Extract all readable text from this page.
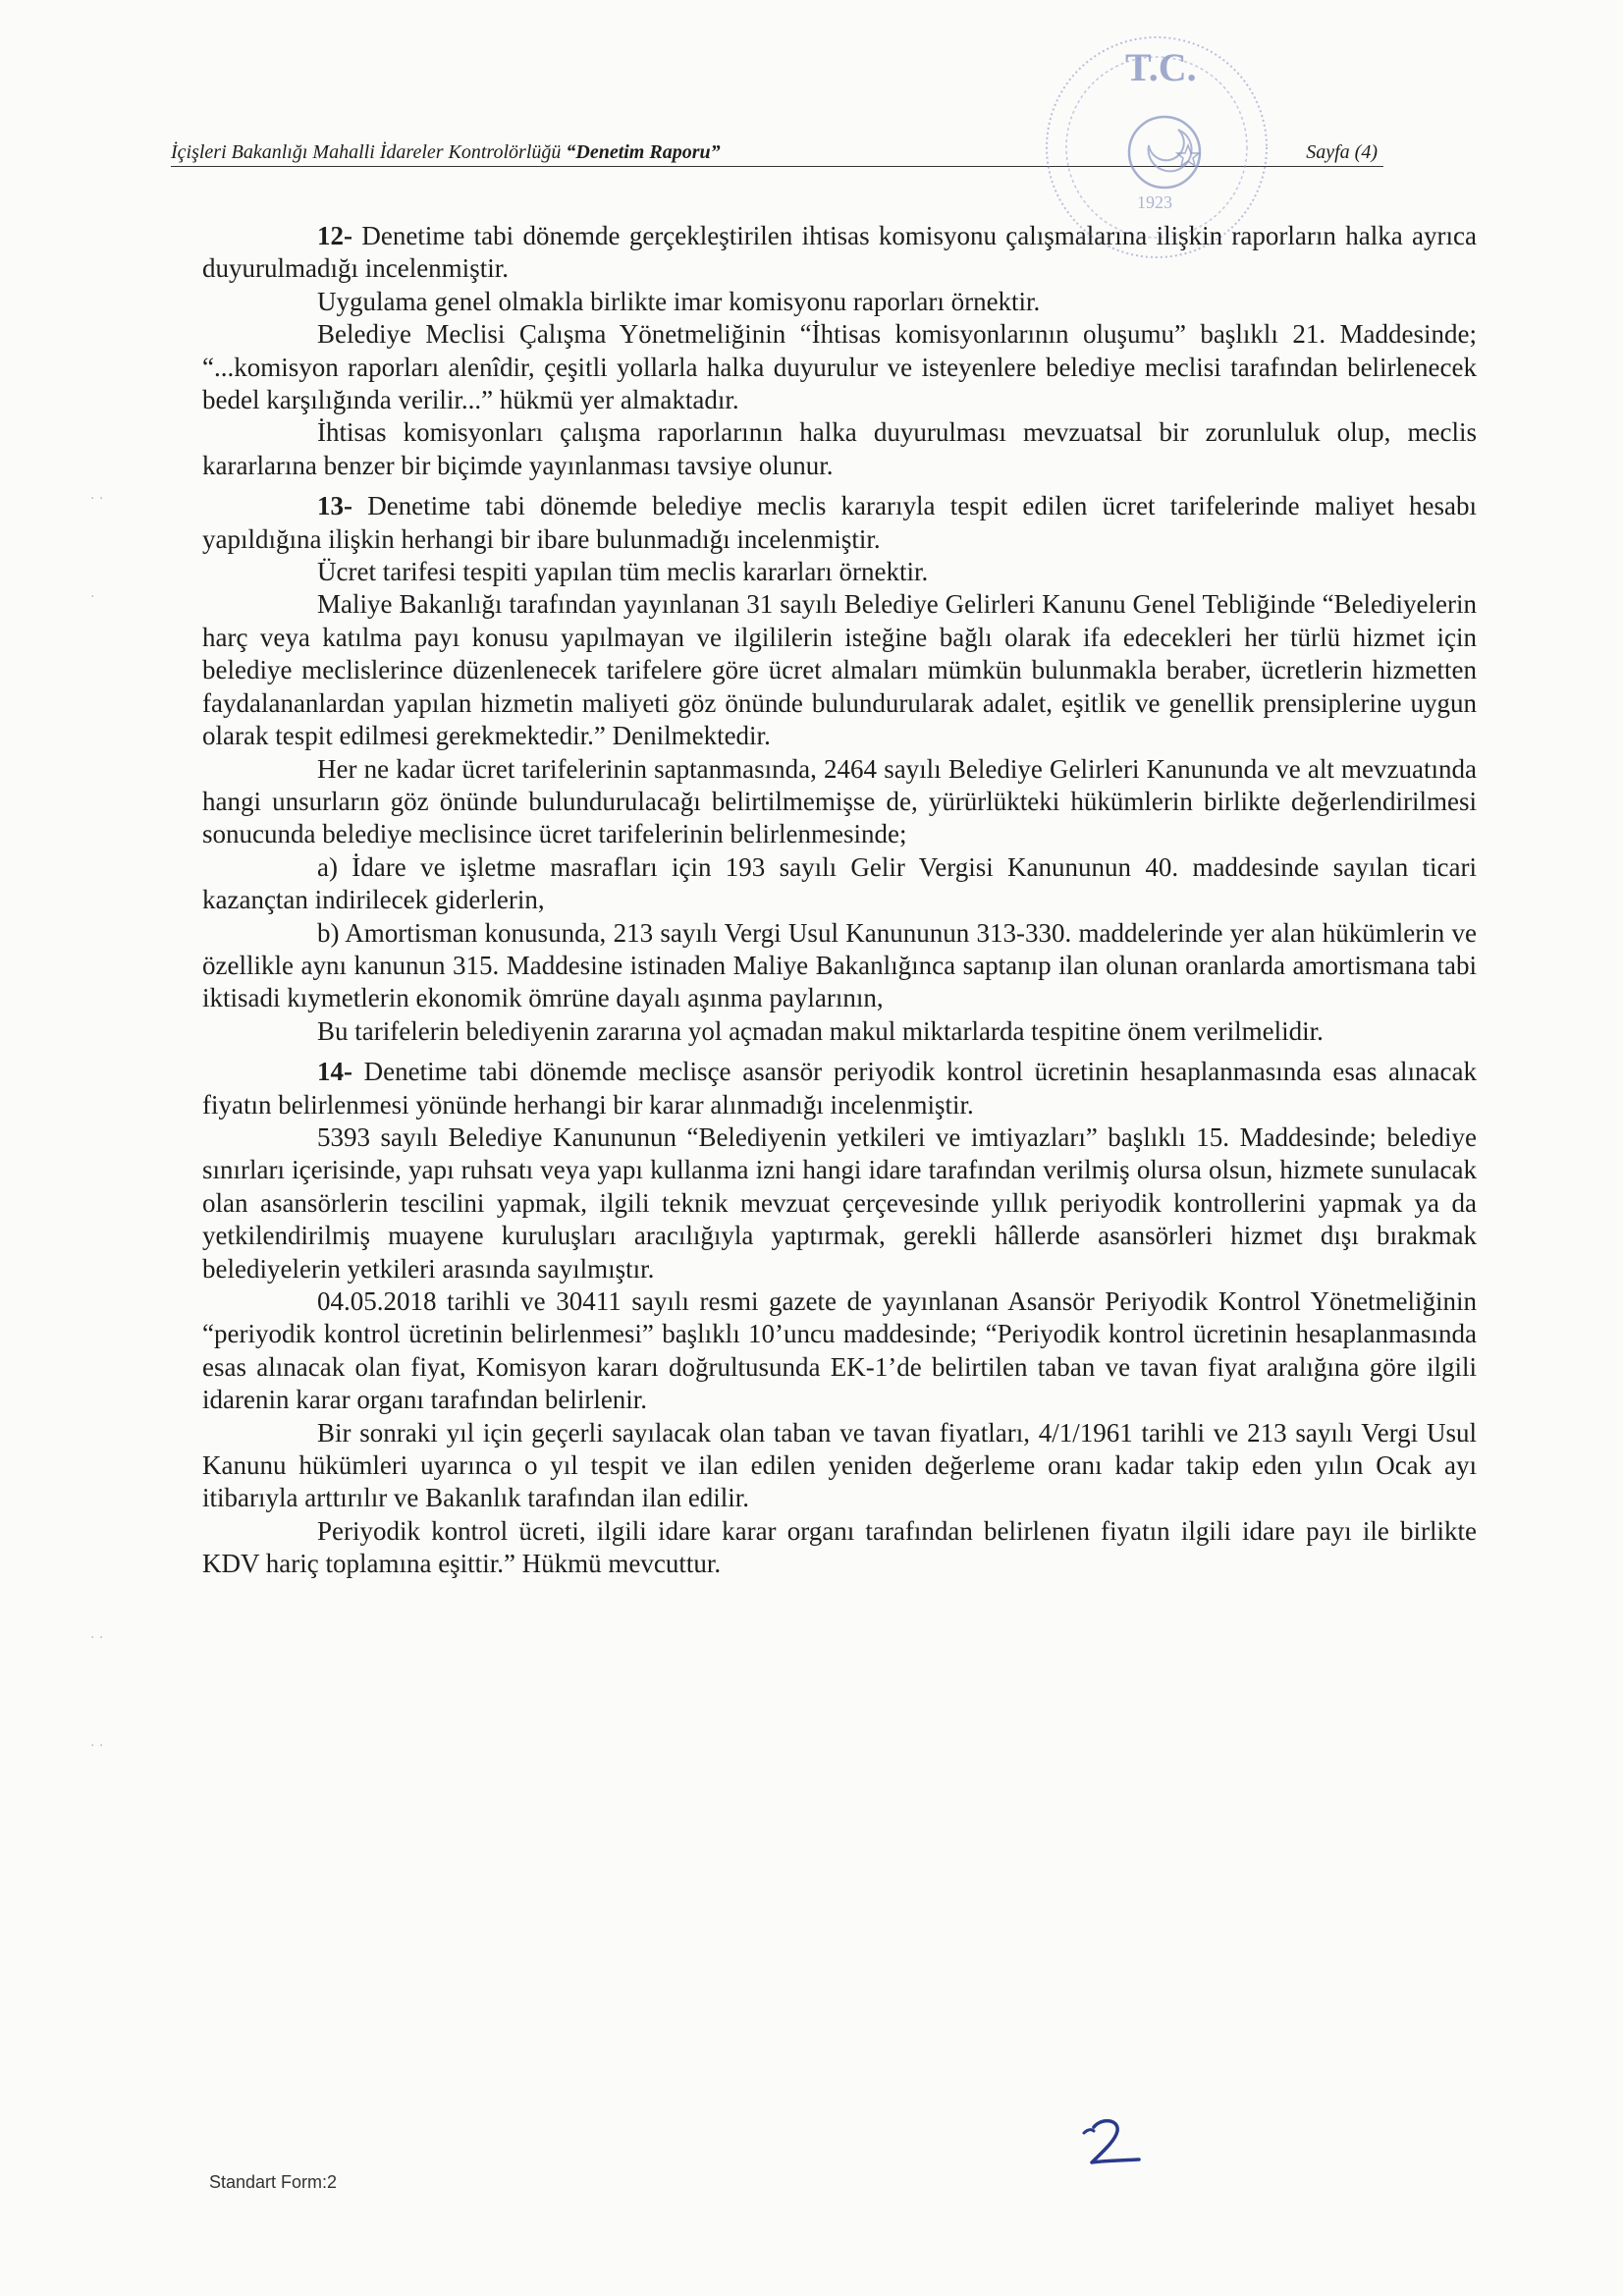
İçişleri Bakanlığı Mahalli İdareler Kontrolörlüğü “Denetim Raporu”	Sayfa (4)
T.C.
1923

12- Denetime tabi dönemde gerçekleştirilen ihtisas komisyonu çalışmalarına ilişkin raporların halka ayrıca duyurulmadığı incelenmiştir.

Uygulama genel olmakla birlikte imar komisyonu raporları örnektir.

Belediye Meclisi Çalışma Yönetmeliğinin “İhtisas komisyonlarının oluşumu” başlıklı 21. Maddesinde; “...komisyon raporları alenîdir, çeşitli yollarla halka duyurulur ve isteyenlere belediye meclisi tarafından belirlenecek bedel karşılığında verilir...” hükmü yer almaktadır.

İhtisas komisyonları çalışma raporlarının halka duyurulması mevzuatsal bir zorunluluk olup, meclis kararlarına benzer bir biçimde yayınlanması tavsiye olunur.

13- Denetime tabi dönemde belediye meclis kararıyla tespit edilen ücret tarifelerinde maliyet hesabı yapıldığına ilişkin herhangi bir ibare bulunmadığı incelenmiştir.

Ücret tarifesi tespiti yapılan tüm meclis kararları örnektir.

Maliye Bakanlığı tarafından yayınlanan 31 sayılı Belediye Gelirleri Kanunu Genel Tebliğinde “Belediyelerin harç veya katılma payı konusu yapılmayan ve ilgililerin isteğine bağlı olarak ifa edecekleri her türlü hizmet için belediye meclislerince düzenlenecek tarifelere göre ücret almaları mümkün bulunmakla beraber, ücretlerin hizmetten faydalananlardan yapılan hizmetin maliyeti göz önünde bulundurularak adalet, eşitlik ve genellik prensiplerine uygun olarak tespit edilmesi gerekmektedir.” Denilmektedir.

Her ne kadar ücret tarifelerinin saptanmasında, 2464 sayılı Belediye Gelirleri Kanununda ve alt mevzuatında hangi unsurların göz önünde bulundurulacağı belirtilmemişse de, yürürlükteki hükümlerin birlikte değerlendirilmesi sonucunda belediye meclisince ücret tarifelerinin belirlenmesinde;

a) İdare ve işletme masrafları için 193 sayılı Gelir Vergisi Kanununun 40. maddesinde sayılan ticari kazançtan indirilecek giderlerin,

b) Amortisman konusunda, 213 sayılı Vergi Usul Kanununun 313-330. maddelerinde yer alan hükümlerin ve özellikle aynı kanunun 315. Maddesine istinaden Maliye Bakanlığınca saptanıp ilan olunan oranlarda amortismana tabi iktisadi kıymetlerin ekonomik ömrüne dayalı aşınma paylarının,

Bu tarifelerin belediyenin zararına yol açmadan makul miktarlarda tespitine önem verilmelidir.

14- Denetime tabi dönemde meclisçe asansör periyodik kontrol ücretinin hesaplanmasında esas alınacak fiyatın belirlenmesi yönünde herhangi bir karar alınmadığı incelenmiştir.

5393 sayılı Belediye Kanununun “Belediyenin yetkileri ve imtiyazları” başlıklı 15. Maddesinde; belediye sınırları içerisinde, yapı ruhsatı veya yapı kullanma izni hangi idare tarafından verilmiş olursa olsun, hizmete sunulacak olan asansörlerin tescilini yapmak, ilgili teknik mevzuat çerçevesinde yıllık periyodik kontrollerini yapmak ya da yetkilendirilmiş muayene kuruluşları aracılığıyla yaptırmak, gerekli hâllerde asansörleri hizmet dışı bırakmak belediyelerin yetkileri arasında sayılmıştır.

04.05.2018 tarihli ve 30411 sayılı resmi gazete de yayınlanan Asansör Periyodik Kontrol Yönetmeliğinin “periyodik kontrol ücretinin belirlenmesi” başlıklı 10’uncu maddesinde; “Periyodik kontrol ücretinin hesaplanmasında esas alınacak olan fiyat, Komisyon kararı doğrultusunda EK-1’de belirtilen taban ve tavan fiyat aralığına göre ilgili idarenin karar organı tarafından belirlenir.

Bir sonraki yıl için geçerli sayılacak olan taban ve tavan fiyatları, 4/1/1961 tarihli ve 213 sayılı Vergi Usul Kanunu hükümleri uyarınca o yıl tespit ve ilan edilen yeniden değerleme oranı kadar takip eden yılın Ocak ayı itibarıyla arttırılır ve Bakanlık tarafından ilan edilir.

Periyodik kontrol ücreti, ilgili idare karar organı tarafından belirlenen fiyatın ilgili idare payı ile birlikte KDV hariç toplamına eşittir.” Hükmü mevcuttur.

Standart Form:2
· ·
·
· ·
· ·
